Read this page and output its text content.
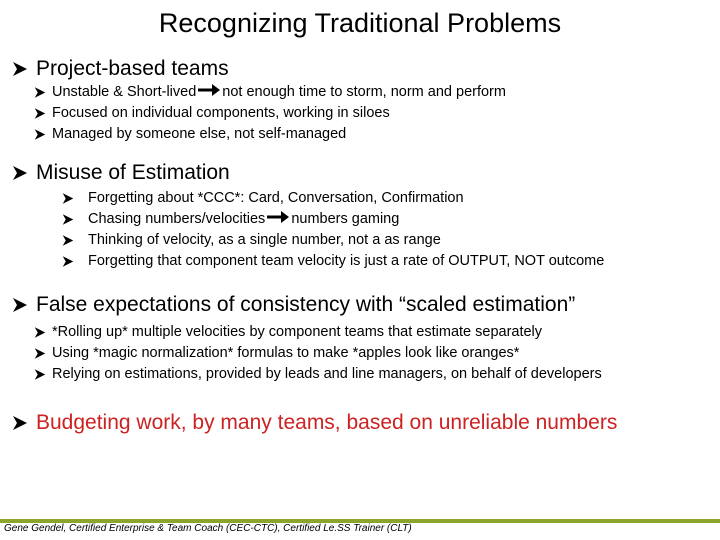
Recognizing Traditional Problems
Project-based teams
Unstable & Short-lived not enough time to storm, norm and perform
Focused on individual components, working in siloes
Managed by someone else, not self-managed
Misuse of Estimation
Forgetting about *CCC*: Card, Conversation, Confirmation
Chasing numbers/velocities numbers gaming
Thinking of velocity, as a single number, not a as range
Forgetting that component team velocity is just a rate of OUTPUT, NOT outcome
False expectations of consistency with “scaled estimation”
*Rolling up* multiple velocities by component teams that estimate separately
Using *magic normalization* formulas to make *apples look like oranges*
Relying on estimations, provided by leads and line managers, on behalf of developers
Budgeting work, by many teams, based on unreliable numbers
Gene Gendel, Certified Enterprise & Team Coach (CEC-CTC), Certified Le.SS Trainer (CLT)
